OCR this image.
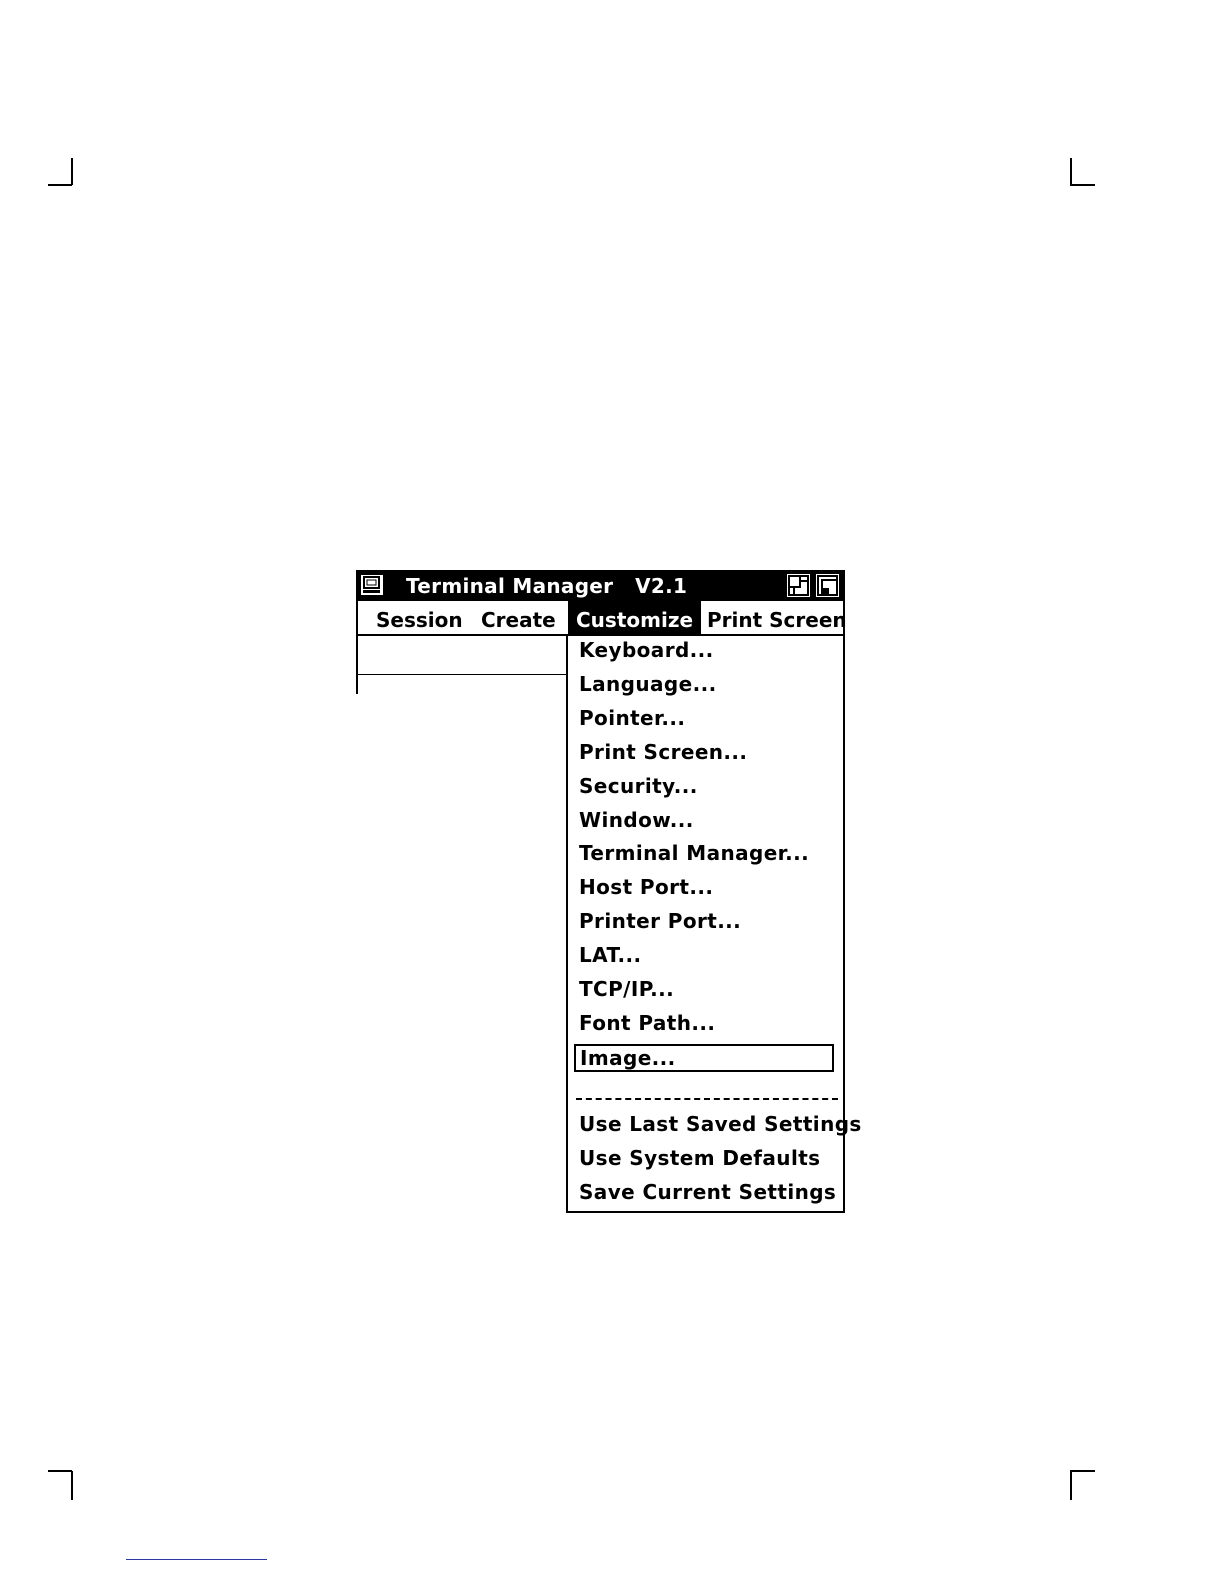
Terminal Manager   V2.1
Session Create	Customize Print Screen
Keyboard...
Language...
Pointer...
Print Screen...
Security...
Window...
Terminal Manager...
Host Port...
Printer Port...
LAT...
TCP/IP...
Font Path...
Image...
Use Last Saved Settings
Use System Defaults
Save Current Settings
